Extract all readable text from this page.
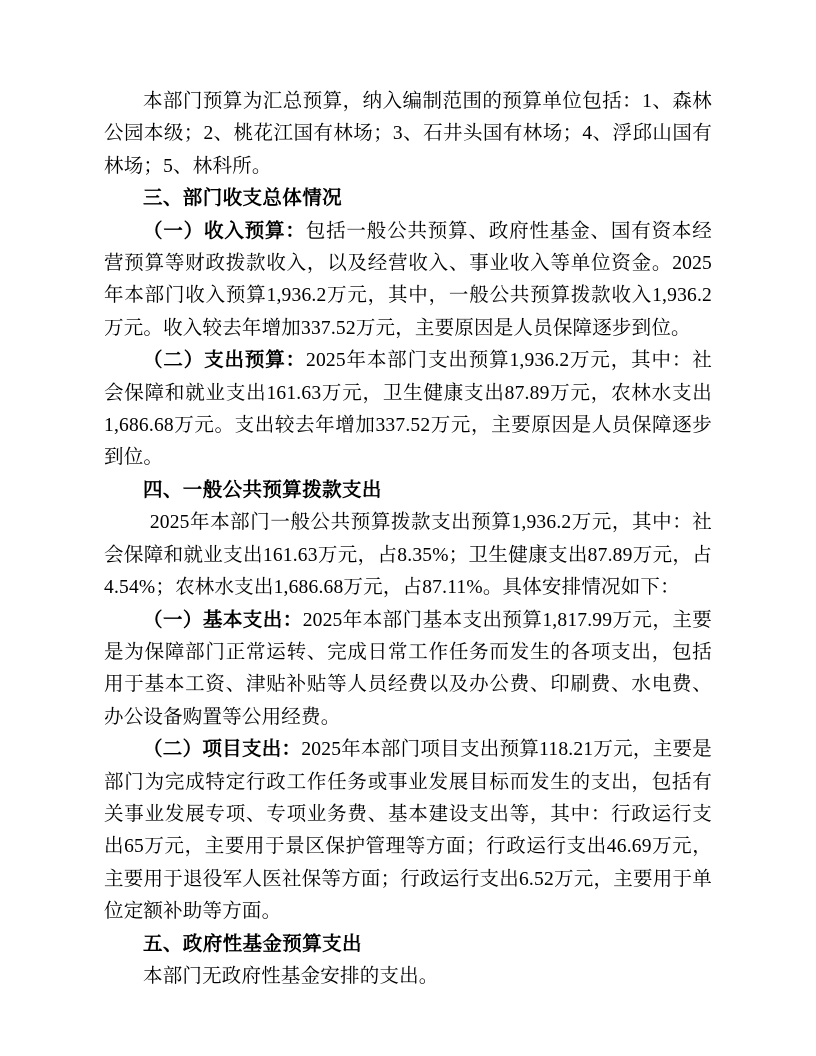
本部门预算为汇总预算，纳入编制范围的预算单位包括：1、森林公园本级；2、桃花江国有林场；3、石井头国有林场；4、浮邱山国有林场；5、林科所。

三、部门收支总体情况

（一）收入预算：包括一般公共预算、政府性基金、国有资本经营预算等财政拨款收入，以及经营收入、事业收入等单位资金。2025年本部门收入预算1,936.2万元，其中，一般公共预算拨款收入1,936.2万元。收入较去年增加337.52万元，主要原因是人员保障逐步到位。

（二）支出预算：2025年本部门支出预算1,936.2万元，其中：社会保障和就业支出161.63万元，卫生健康支出87.89万元，农林水支出1,686.68万元。支出较去年增加337.52万元，主要原因是人员保障逐步到位。

四、一般公共预算拨款支出

2025年本部门一般公共预算拨款支出预算1,936.2万元，其中：社会保障和就业支出161.63万元，占8.35%；卫生健康支出87.89万元，占4.54%；农林水支出1,686.68万元，占87.11%。具体安排情况如下：

（一）基本支出：2025年本部门基本支出预算1,817.99万元，主要是为保障部门正常运转、完成日常工作任务而发生的各项支出，包括用于基本工资、津贴补贴等人员经费以及办公费、印刷费、水电费、办公设备购置等公用经费。

（二）项目支出：2025年本部门项目支出预算118.21万元，主要是部门为完成特定行政工作任务或事业发展目标而发生的支出，包括有关事业发展专项、专项业务费、基本建设支出等，其中：行政运行支出65万元，主要用于景区保护管理等方面；行政运行支出46.69万元，主要用于退役军人医社保等方面；行政运行支出6.52万元，主要用于单位定额补助等方面。

五、政府性基金预算支出

本部门无政府性基金安排的支出。
